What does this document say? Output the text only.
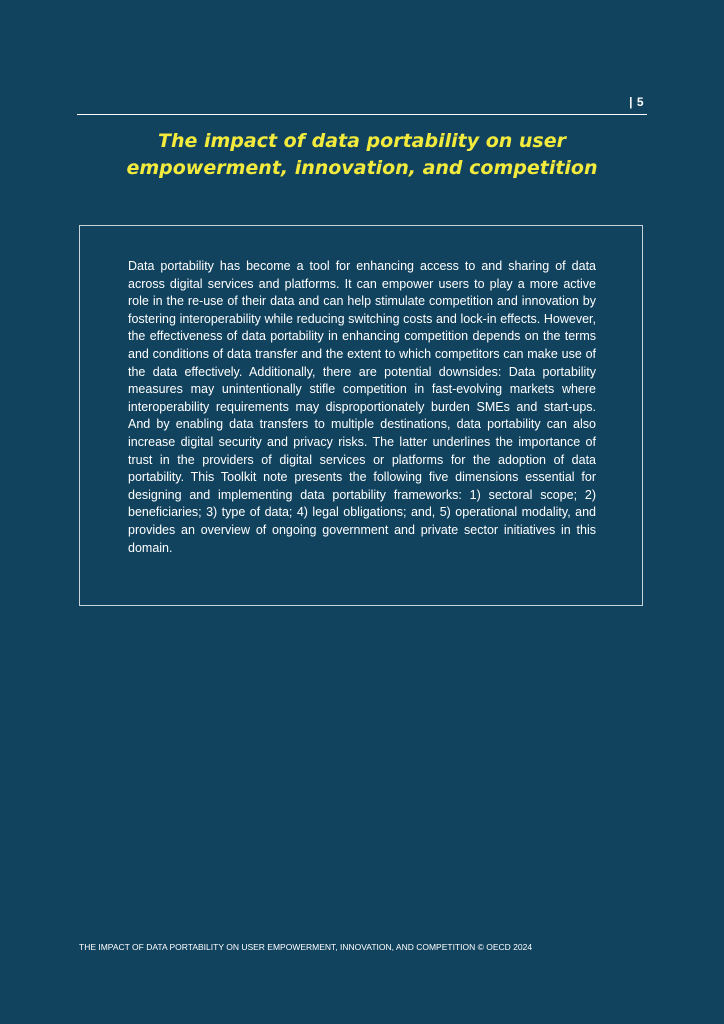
| 5
The impact of data portability on user
empowerment, innovation, and competition

Data portability has become a tool for enhancing access to and sharing of data across digital services and platforms. It can empower users to play a more active role in the re-use of their data and can help stimulate competition and innovation by fostering interoperability while reducing switching costs and lock-in effects. However, the effectiveness of data portability in enhancing competition depends on the terms and conditions of data transfer and the extent to which competitors can make use of the data effectively. Additionally, there are potential downsides: Data portability measures may unintentionally stifle competition in fast-evolving markets where interoperability requirements may disproportionately burden SMEs and start-ups. And by enabling data transfers to multiple destinations, data portability can also increase digital security and privacy risks. The latter underlines the importance of trust in the providers of digital services or platforms for the adoption of data portability. This Toolkit note presents the following five dimensions essential for designing and implementing data portability frameworks: 1) sectoral scope; 2) beneficiaries; 3) type of data; 4) legal obligations; and, 5) operational modality, and provides an overview of ongoing government and private sector initiatives in this domain.

THE IMPACT OF DATA PORTABILITY ON USER EMPOWERMENT, INNOVATION, AND COMPETITION © OECD 2024
